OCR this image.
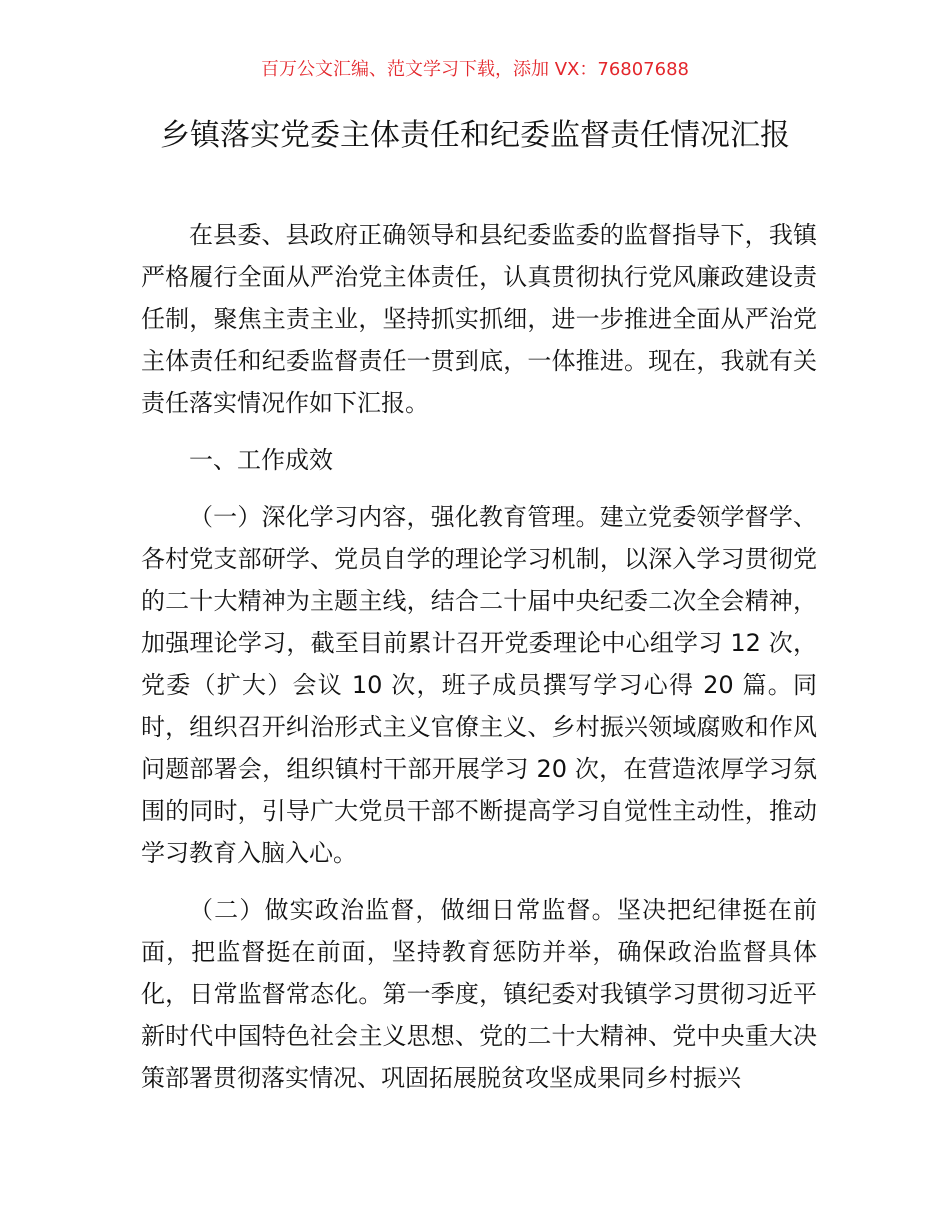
百万公文汇编、范文学习下载，添加 VX：76807688
乡镇落实党委主体责任和纪委监督责任情况汇报

在县委、县政府正确领导和县纪委监委的监督指导下，我镇严格履行全面从严治党主体责任，认真贯彻执行党风廉政建设责任制，聚焦主责主业，坚持抓实抓细，进一步推进全面从严治党主体责任和纪委监督责任一贯到底，一体推进。现在，我就有关责任落实情况作如下汇报。

一、工作成效

（一）深化学习内容，强化教育管理。建立党委领学督学、各村党支部研学、党员自学的理论学习机制，以深入学习贯彻党的二十大精神为主题主线，结合二十届中央纪委二次全会精神，加强理论学习，截至目前累计召开党委理论中心组学习 12 次，党委（扩大）会议 10 次，班子成员撰写学习心得 20 篇。同时，组织召开纠治形式主义官僚主义、乡村振兴领域腐败和作风问题部署会，组织镇村干部开展学习 20 次，在营造浓厚学习氛围的同时，引导广大党员干部不断提高学习自觉性主动性，推动学习教育入脑入心。

（二）做实政治监督，做细日常监督。坚决把纪律挺在前面，把监督挺在前面，坚持教育惩防并举，确保政治监督具体化，日常监督常态化。第一季度，镇纪委对我镇学习贯彻习近平新时代中国特色社会主义思想、党的二十大精神、党中央重大决策部署贯彻落实情况、巩固拓展脱贫攻坚成果同乡村振兴
